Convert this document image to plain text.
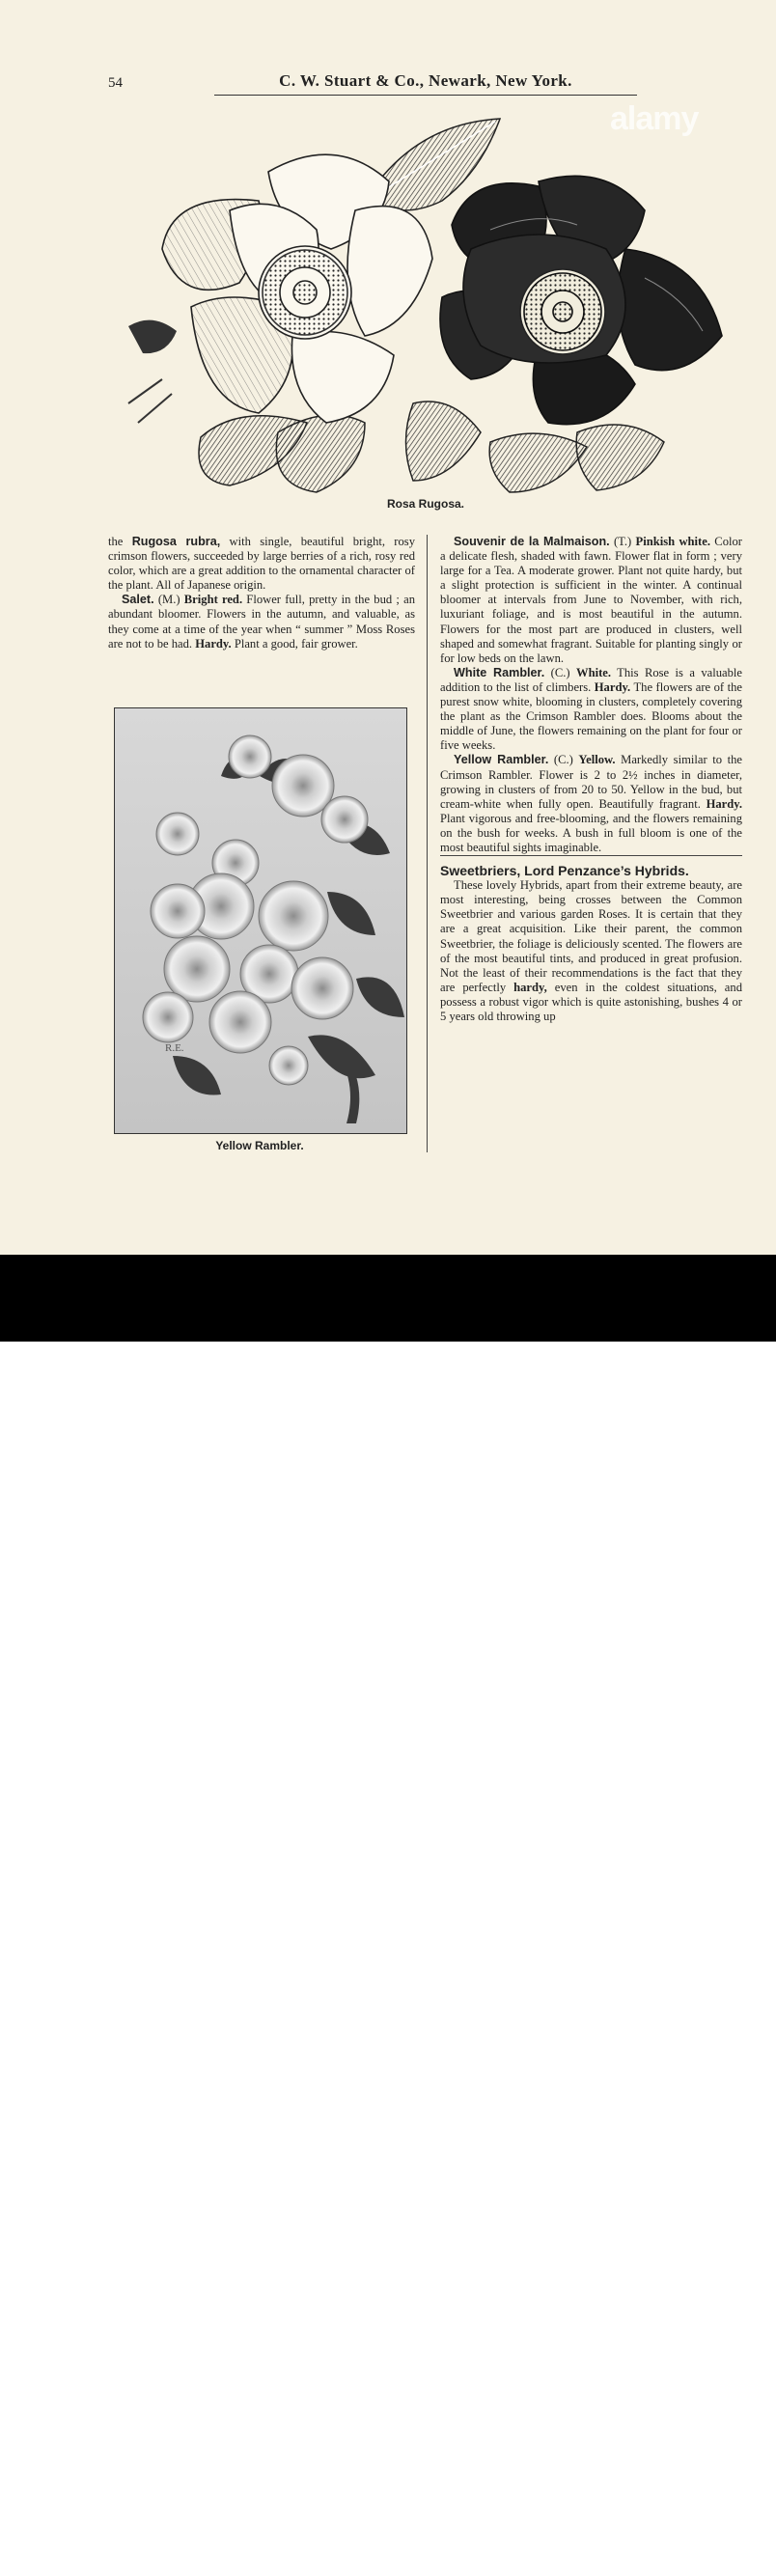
54	C. W. Stuart & Co., Newark, New York.
alamy
Rosa Rugosa.

the Rugosa rubra, with single, beautiful bright, rosy crimson flowers, succeeded by large berries of a rich, rosy red color, which are a great addition to the ornamental character of the plant. All of Japanese origin.

Salet. (M.) Bright red. Flower full, pretty in the bud ; an abundant bloomer. Flowers in the autumn, and valuable, as they come at a time of the year when “ summer ” Moss Roses are not to be had. Hardy. Plant a good, fair grower.

R.E.
Yellow Rambler.

Souvenir de la Malmaison. (T.) Pinkish white. Color a delicate flesh, shaded with fawn. Flower flat in form ; very large for a Tea. A moderate grower. Plant not quite hardy, but a slight protection is sufficient in the winter. A continual bloomer at intervals from June to November, with rich, luxuriant foliage, and is most beautiful in the autumn. Flowers for the most part are produced in clusters, well shaped and somewhat fragrant. Suitable for planting singly or for low beds on the lawn.

White Rambler. (C.) White. This Rose is a valuable addition to the list of climbers. Hardy. The flowers are of the purest snow white, blooming in clusters, completely covering the plant as the Crimson Rambler does. Blooms about the middle of June, the flowers remaining on the plant for four or five weeks.

Yellow Rambler. (C.) Yellow. Markedly similar to the Crimson Rambler. Flower is 2 to 2½ inches in diameter, growing in clusters of from 20 to 50. Yellow in the bud, but cream-white when fully open. Beautifully fragrant. Hardy. Plant vigorous and free-blooming, and the flowers remaining on the bush for weeks. A bush in full bloom is one of the most beautiful sights imaginable.

Sweetbriers, Lord Penzance’s Hybrids.

These lovely Hybrids, apart from their extreme beauty, are most interesting, being crosses between the Common Sweetbrier and various garden Roses. It is certain that they are a great acquisition. Like their parent, the common Sweetbrier, the foliage is deliciously scented. The flowers are of the most beautiful tints, and produced in great profusion. Not the least of their recommendations is the fact that they are perfectly hardy, even in the coldest situations, and possess a robust vigor which is quite astonishing, bushes 4 or 5 years old throwing up

alamy	PY39DK
www.alamy.com
